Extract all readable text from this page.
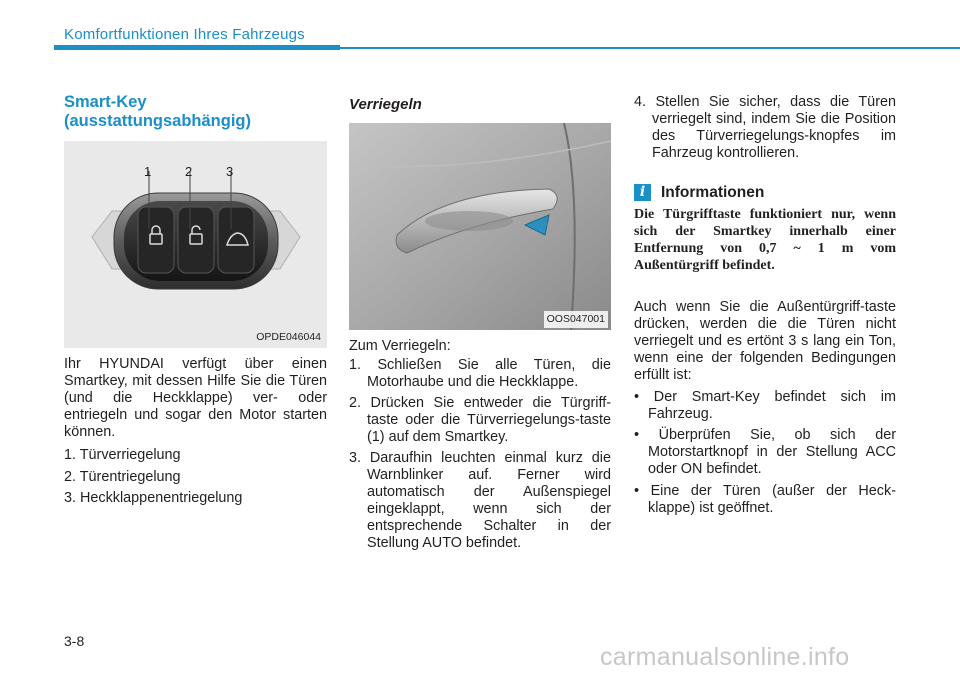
Komfortfunktionen Ihres Fahrzeugs
Smart-Key (ausstattungsabhängig)
1	2	3
OPDE046044
Ihr HYUNDAI verfügt über einen Smartkey, mit dessen Hilfe Sie die Türen (und die Heckklappe) ver- oder entriegeln und sogar den Motor starten können.
1. Türverriegelung
2. Türentriegelung
3. Heckklappenentriegelung
Verriegeln
OOS047001
Zum Verriegeln:
1. Schließen Sie alle Türen, die Motorhaube und die Heckklappe.
2. Drücken Sie entweder die Türgriff-taste oder die Türverriegelungs-taste (1) auf dem Smartkey.
3. Daraufhin leuchten einmal kurz die Warnblinker auf. Ferner wird automatisch der Außenspiegel eingeklappt, wenn sich der entsprechende Schalter in der Stellung AUTO befindet.
4. Stellen Sie sicher, dass die Türen verriegelt sind, indem Sie die Position des Türverriegelungs-knopfes im Fahrzeug kontrollieren.
i	Informationen
Die Türgrifftaste funktioniert nur, wenn sich der Smartkey innerhalb einer Entfernung von 0,7 ~ 1 m vom Außentürgriff befindet.
Auch wenn Sie die Außentürgriff-taste drücken, werden die die Türen nicht verriegelt und es ertönt 3 s lang ein Ton, wenn eine der folgenden Bedingungen erfüllt ist:
• Der Smart-Key befindet sich im Fahrzeug.
• Überprüfen Sie, ob sich der Motorstartknopf in der Stellung ACC oder ON befindet.
• Eine der Türen (außer der Heck-klappe) ist geöffnet.
3-8
carmanualsonline.info
